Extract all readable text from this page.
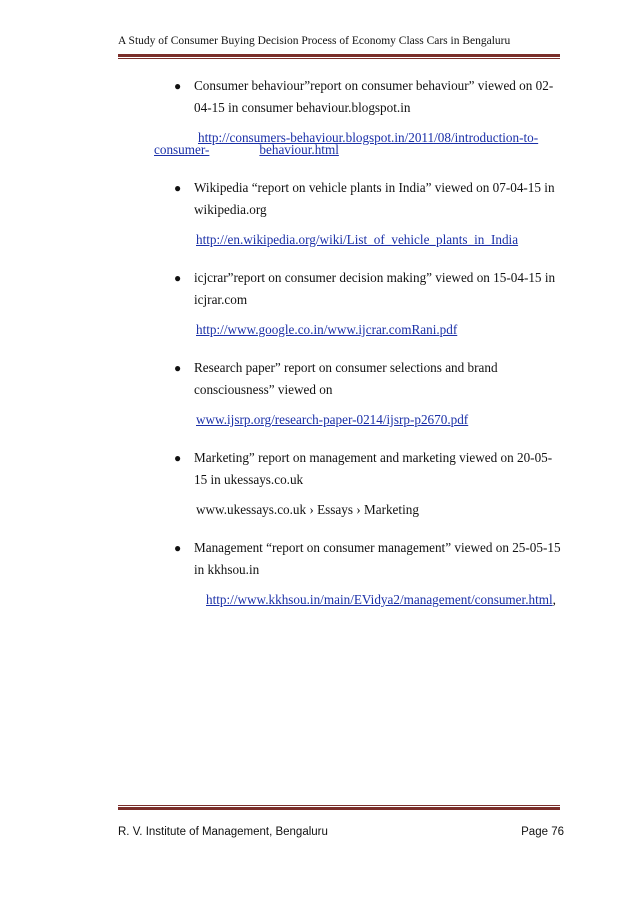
A Study of Consumer Buying Decision Process of Economy Class Cars in Bengaluru
● Consumer behaviour”report on consumer behaviour” viewed on 02-04-15 in consumer behaviour.blogspot.in
http://consumers-behaviour.blogspot.in/2011/08/introduction-to-
consumer-	behaviour.html
● Wikipedia “report on vehicle plants in India” viewed on 07-04-15 in wikipedia.org
http://en.wikipedia.org/wiki/List_of_vehicle_plants_in_India
● icjcrar”report on consumer decision making” viewed on 15-04-15 in icjrar.com
http://www.google.co.in/www.ijcrar.comRani.pdf
● Research paper” report on consumer selections and brand consciousness” viewed on
www.ijsrp.org/research-paper-0214/ijsrp-p2670.pdf
● Marketing” report on management and marketing viewed on 20-05-15 in ukessays.co.uk
www.ukessays.co.uk › Essays › Marketing
● Management “report on consumer management” viewed on 25-05-15 in kkhsou.in
http://www.kkhsou.in/main/EVidya2/management/consumer.html,
R. V. Institute of Management, Bengaluru	Page 76
